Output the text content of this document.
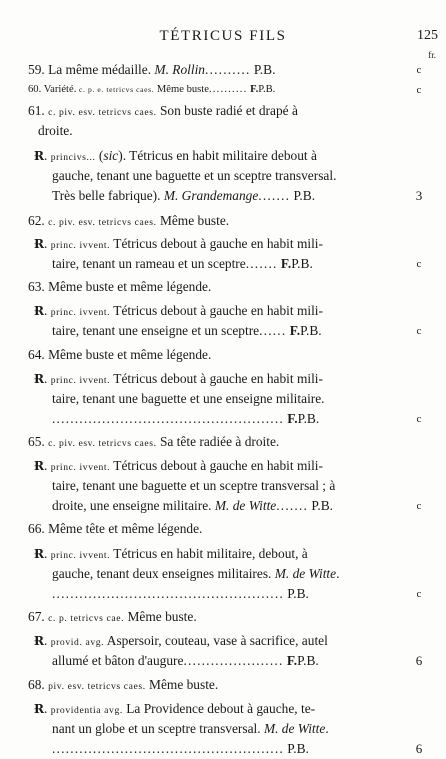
TÉTRICUS FILS	125
fr.
59. La même médaille. M. Rollin.......... P.B.	c
60. Variété. c. p. e. tetricvs caes. Même buste.......... F.P.B.	c
61. c. piv. esv. tetricvs caes. Son buste radié et drapé à
droite.
Ɍ. princivs... (sic). Tétricus en habit militaire debout à
gauche, tenant une baguette et un sceptre transversal.
Très belle fabrique). M. Grandemange....... P.B.	3
62. c. piv. esv. tetricvs caes. Même buste.
Ɍ. princ. ivvent. Tétricus debout à gauche en habit mili-
taire, tenant un rameau et un sceptre....... F.P.B.	c
63. Même buste et même légende.
Ɍ. princ. ivvent. Tétricus debout à gauche en habit mili-
taire, tenant une enseigne et un sceptre...... F.P.B.	c
64. Même buste et même légende.
Ɍ. princ. ivvent. Tétricus debout à gauche en habit mili-
taire, tenant une baguette et une enseigne militaire.
................................................... F.P.B.	c
65. c. piv. esv. tetricvs caes. Sa tête radiée à droite.
Ɍ. princ. ivvent. Tétricus debout à gauche en habit mili-
taire, tenant une baguette et un sceptre transversal ; à
droite, une enseigne militaire. M. de Witte....... P.B.	c
66. Même tête et même légende.
Ɍ. princ. ivvent. Tétricus en habit militaire, debout, à
gauche, tenant deux enseignes militaires. M. de Witte.
................................................... P.B.	c
67. c. p. tetricvs cae. Même buste.
Ɍ. provid. avg. Aspersoir, couteau, vase à sacrifice, autel
allumé et bâton d'augure...................... F.P.B.	6
68. piv. esv. tetricvs caes. Même buste.
Ɍ. providentia avg. La Providence debout à gauche, te-
nant un globe et un sceptre transversal. M. de Witte.
................................................... P.B.	6
